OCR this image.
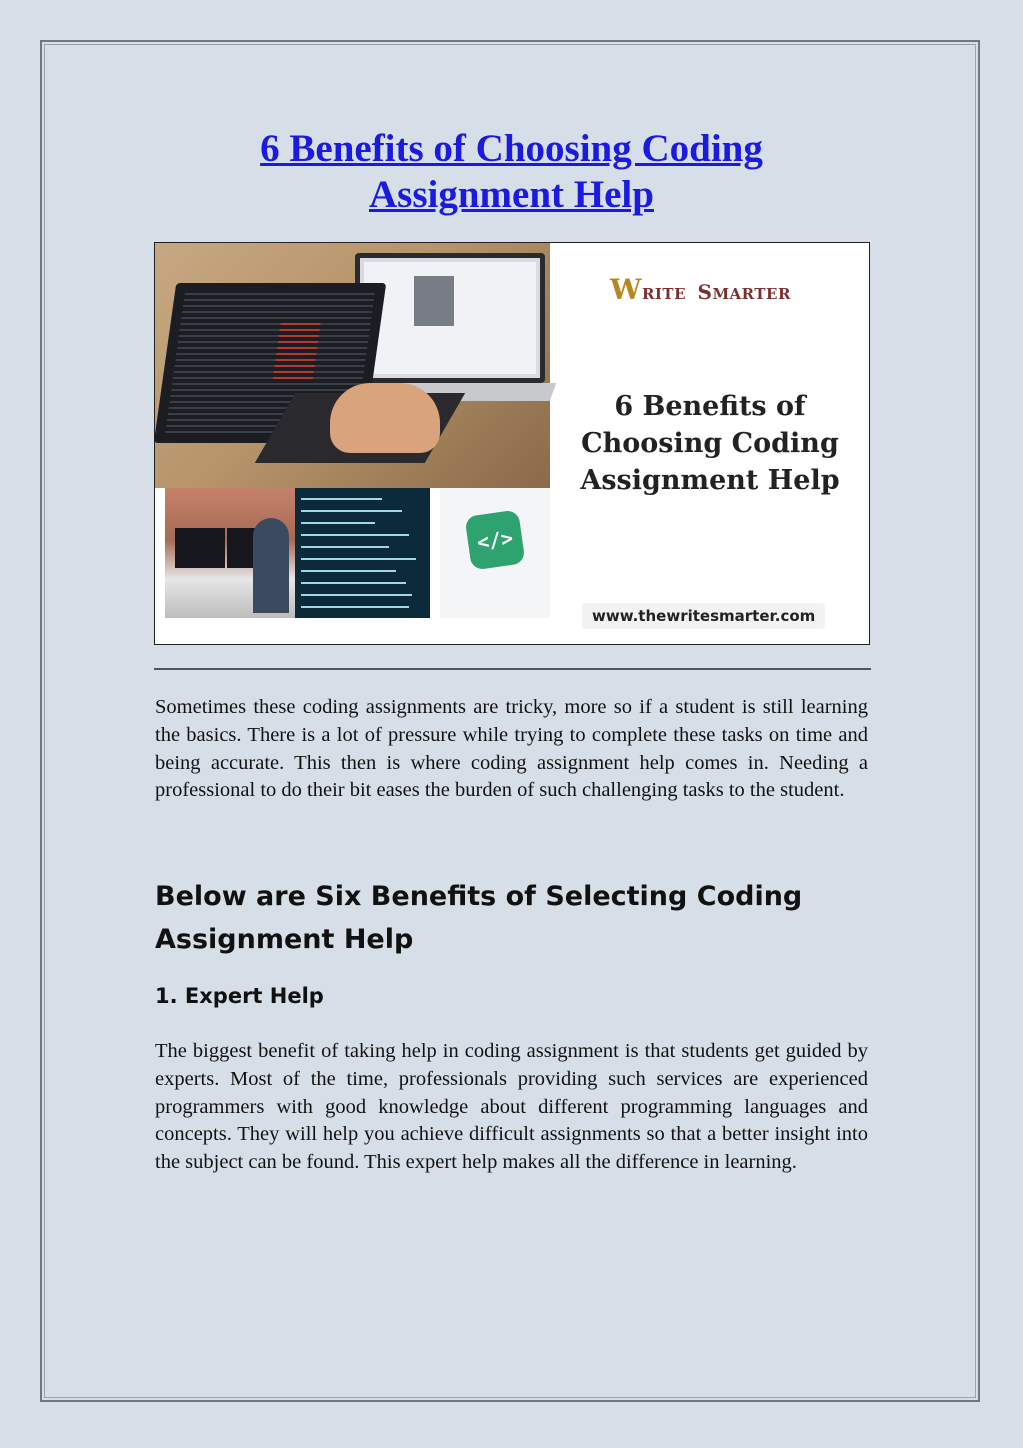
6 Benefits of Choosing Coding
Assignment Help
</>
WRITE SMARTER
6 Benefits of
Choosing Coding
Assignment Help
www.thewritesmarter.com

Sometimes these coding assignments are tricky, more so if a student is still learning the basics. There is a lot of pressure while trying to complete these tasks on time and being accurate. This then is where coding assignment help comes in. Needing a professional to do their bit eases the burden of such challenging tasks to the student.

Below are Six Benefits of Selecting Coding Assignment Help
1. Expert Help

The biggest benefit of taking help in coding assignment is that students get guided by experts. Most of the time, professionals providing such services are experienced programmers with good knowledge about different programming languages and concepts. They will help you achieve difficult assignments so that a better insight into the subject can be found. This expert help makes all the difference in learning.
